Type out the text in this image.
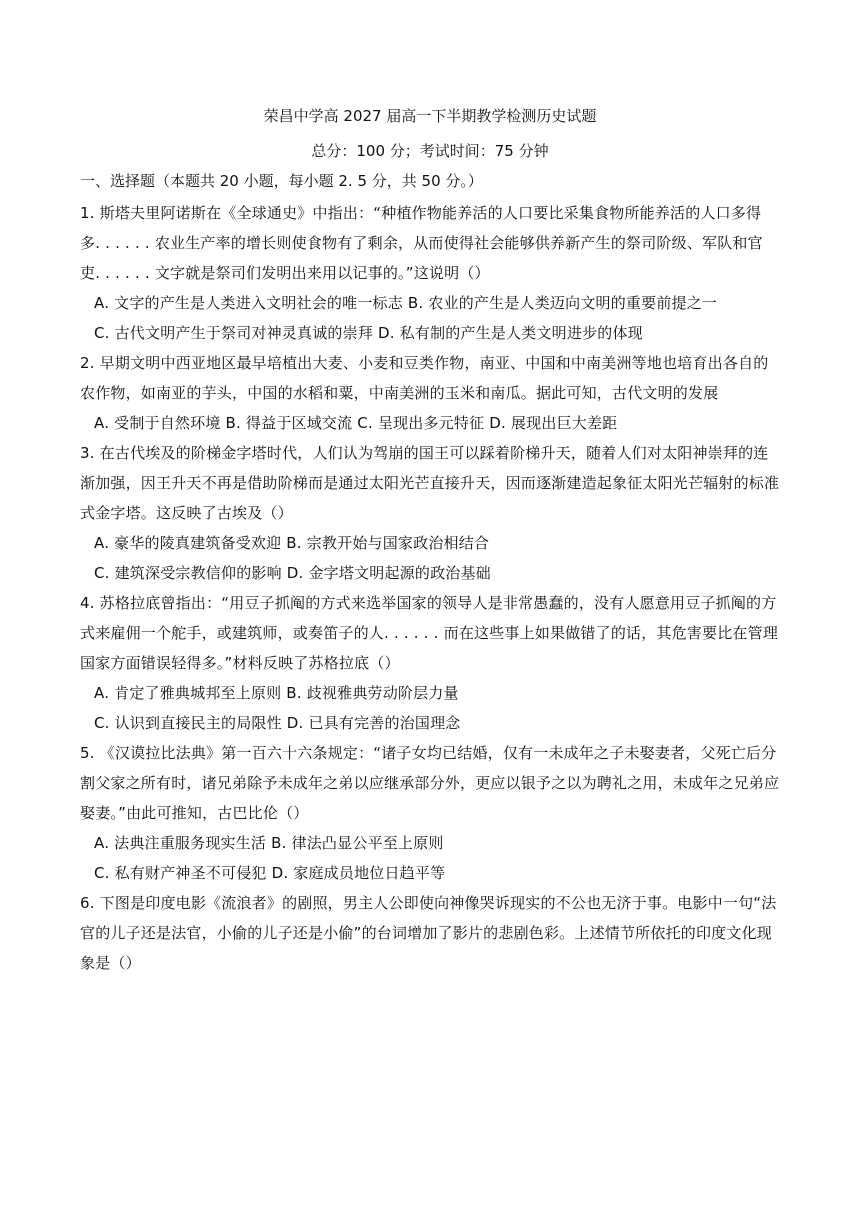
荣昌中学高 2027 届高一下半期教学检测历史试题
总分：100 分；考试时间：75 分钟

一、选择题（本题共 20 小题，每小题 2. 5 分，共 50 分。）

1. 斯塔夫里阿诺斯在《全球通史》中指出：“种植作物能养活的人口要比采集食物所能养活的人口多得多. . . . . . 农业生产率的增长则使食物有了剩余，从而使得社会能够供养新产生的祭司阶级、军队和官吏. . . . . . 文字就是祭司们发明出来用以记事的。”这说明（）

A. 文字的产生是人类进入文明社会的唯一标志 B. 农业的产生是人类迈向文明的重要前提之一

C. 古代文明产生于祭司对神灵真诚的崇拜 D. 私有制的产生是人类文明进步的体现

2. 早期文明中西亚地区最早培植出大麦、小麦和豆类作物，南亚、中国和中南美洲等地也培育出各自的农作物，如南亚的芋头，中国的水稻和粟，中南美洲的玉米和南瓜。据此可知，古代文明的发展

A. 受制于自然环境 B. 得益于区域交流 C. 呈现出多元特征 D. 展现出巨大差距

3. 在古代埃及的阶梯金字塔时代，人们认为驾崩的国王可以踩着阶梯升天，随着人们对太阳神崇拜的连渐加强，因王升天不再是借助阶梯而是通过太阳光芒直接升天，因而逐渐建造起象征太阳光芒辐射的标准式金字塔。这反映了古埃及（）

A. 豪华的陵真建筑备受欢迎 B. 宗教开始与国家政治相结合

C. 建筑深受宗教信仰的影响 D. 金字塔文明起源的政治基础

4. 苏格拉底曾指出：“用豆子抓阄的方式来选举国家的领导人是非常愚蠢的，没有人愿意用豆子抓阄的方式来雇佣一个舵手，或建筑师，或奏笛子的人. . . . . . 而在这些事上如果做错了的话，其危害要比在管理国家方面错误轻得多。”材料反映了苏格拉底（）

A. 肯定了雅典城邦至上原则 B. 歧视雅典劳动阶层力量

C. 认识到直接民主的局限性 D. 已具有完善的治国理念

5. 《汉谟拉比法典》第一百六十六条规定：“诸子女均已结婚，仅有一未成年之子未娶妻者，父死亡后分割父家之所有时，诸兄弟除予未成年之弟以应继承部分外，更应以银予之以为聘礼之用，未成年之兄弟应娶妻。”由此可推知，古巴比伦（）

A. 法典注重服务现实生活 B. 律法凸显公平至上原则

C. 私有财产神圣不可侵犯 D. 家庭成员地位日趋平等

6. 下图是印度电影《流浪者》的剧照，男主人公即使向神像哭诉现实的不公也无济于事。电影中一句“法官的儿子还是法官，小偷的儿子还是小偷”的台词增加了影片的悲剧色彩。上述情节所依托的印度文化现象是（）
